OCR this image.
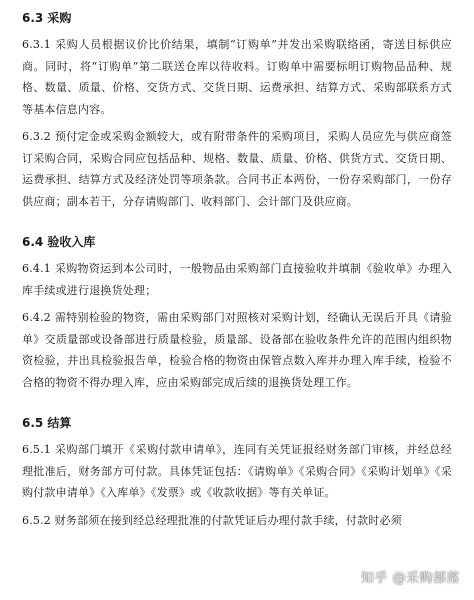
6.3 采购

6.3.1 采购人员根据议价比价结果，填制“订购单”并发出采购联络函，寄送目标供应商。同时，将“订购单”第二联送仓库以待收料。订购单中需要标明订购物品品种、规格、数量、质量、价格、交货方式、交货日期、运费承担、结算方式、采购部联系方式等基本信息内容。

6.3.2 预付定金或采购金额较大，或有附带条件的采购项目，采购人员应先与供应商签订采购合同，采购合同应包括品种、规格、数量、质量、价格、供货方式、交货日期、运费承担、结算方式及经济处罚等项条款。合同书正本两份，一份存采购部门，一份存供应商；副本若干，分存请购部门、收料部门、会计部门及供应商。

6.4 验收入库

6.4.1 采购物资运到本公司时，一般物品由采购部门直接验收并填制《验收单》办理入库手续或进行退换货处理；

6.4.2 需特别检验的物资，需由采购部门对照核对采购计划，经确认无误后开具《请验单》交质量部或设备部进行质量检验，质量部、设备部在验收条件允许的范围内组织物资检验，并出具检验报告单，检验合格的物资由保管点数入库并办理入库手续，检验不合格的物资不得办理入库，应由采购部完成后续的退换货处理工作。

6.5 结算

6.5.1 采购部门填开《采购付款申请单》，连同有关凭证报经财务部门审核，并经总经理批准后，财务部方可付款。具体凭证包括：《请购单》《采购合同》《采购计划单》《采购付款申请单》《入库单》《发票》或《收款收据》等有关单证。

6.5.2 财务部须在接到经总经理批准的付款凭证后办理付款手续，付款时必须

知乎 @采购部落
